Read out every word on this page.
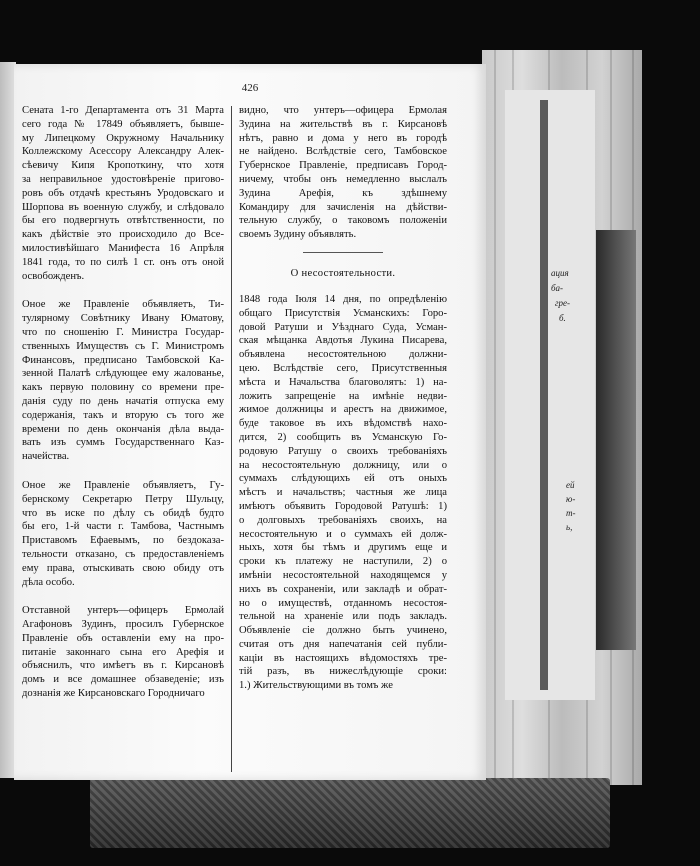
ация
ба-
гре-
б.
ей
ю-
т-
ь,
426
Сената 1-го Департамента отъ 31 Марта
сего года № 17849 объявляетъ, бывше-
му Липецкому Окружному Начальнику
Коллежскому Асессору Александру Алек-
сѣевичу Кипя Кропоткину, что хотя
за неправильное удостовѣреніе пригово-
ровъ объ отдачѣ крестьянъ Уродовскаго и
Шорпова въ военную службу, и слѣдовало
бы его подвергнуть отвѣтственности, по
какъ дѣйствіе это происходило до Все-
милостивѣйшаго Манифеста 16 Апрѣля
1841 года, то по силѣ 1 ст. онъ отъ оной
освобожденъ.
Оное же Правленіе объявляетъ, Ти-
тулярному Совѣтнику Ивану Юматову,
что по сношенію Г. Министра Государ-
ственныхъ Имуществъ съ Г. Министромъ
Финансовъ, предписано Тамбовской Ка-
зенной Палатѣ слѣдующее ему жалованье,
какъ первую половину со времени пре-
данія суду по день начатія отпуска ему
содержанія, такъ и вторую съ того же
времени по день окончанія дѣла выда-
вать изъ суммъ Государственнаго Каз-
начейства.
Оное же Правленіе объявляетъ, Гу-
бернскому Секретарю Петру Шульцу,
что въ иске по дѣлу съ обидѣ будто
бы его, 1-й части г. Тамбова, Частнымъ
Приставомъ Ефаевымъ, по бездоказа-
тельности отказано, съ предоставленіемъ
ему права, отыскивать свою обиду отъ
дѣла особо.
Отставной унтеръ—офицеръ Ермолай
Агафоновъ Зудинъ, просилъ Губернское
Правленіе объ оставленіи ему на про-
питаніе законнаго сына его Арефія и
объяснилъ, что имѣетъ въ г. Кирсановѣ
домъ и все домашнее обзаведеніе; изъ
дознанія же Кирсановскаго Городничаго
видно, что унтеръ—офицера Ермолая
Зудина на жительствѣ въ г. Кирсановѣ
нѣтъ, равно и дома у него въ городѣ
не найдено. Вслѣдствіе сего, Тамбовское
Губернское Правленіе, предписавъ Город-
ничему, чтобы онъ немедленно выслалъ
Зудина Арефія, къ здѣшнему
Командиру для зачисленія на дѣйстви-
тельную службу, о таковомъ положеніи
своемъ Зудину объявлять.
О несостоятельности.
1848 года Іюля 14 дня, по опредѣленію
общаго Присутствія Усманскихъ: Горо-
довой Ратуши и Уѣзднаго Суда, Усман-
ская мѣщанка Авдотья Лукина Писарева,
объявлена несостоятельною должни-
цею. Вслѣдствіе сего, Присутственныя
мѣста и Начальства благоволятъ: 1) на-
ложить запрещеніе на имѣніе недви-
жимое должницы и арестъ на движимое,
буде таковое въ ихъ вѣдомствѣ нахо-
дится, 2) сообщить въ Усманскую Го-
родовую Ратушу о своихъ требованіяхъ
на несостоятельную должницу, или о
суммахъ слѣдующихъ ей отъ оныхъ
мѣстъ и начальствъ; частныя же лица
имѣютъ объявить Городовой Ратушѣ: 1)
о долговыхъ требованіяхъ своихъ, на
несостоятельную и о суммахъ ей долж-
ныхъ, хотя бы тѣмъ и другимъ еще и
сроки къ платежу не наступили, 2) о
имѣніи несостоятельной находящемся у
нихъ въ сохраненіи, или закладѣ и обрат-
но о имуществѣ, отданномъ несостоя-
тельной на храненіе или подъ закладъ.
Объявленіе сіе должно быть учинено,
считая отъ дня напечатанія сей публи-
каціи въ настоящихъ вѣдомостяхъ тре-
тій разъ, въ нижеслѣдующіе сроки:
1.) Жительствующими въ томъ же
